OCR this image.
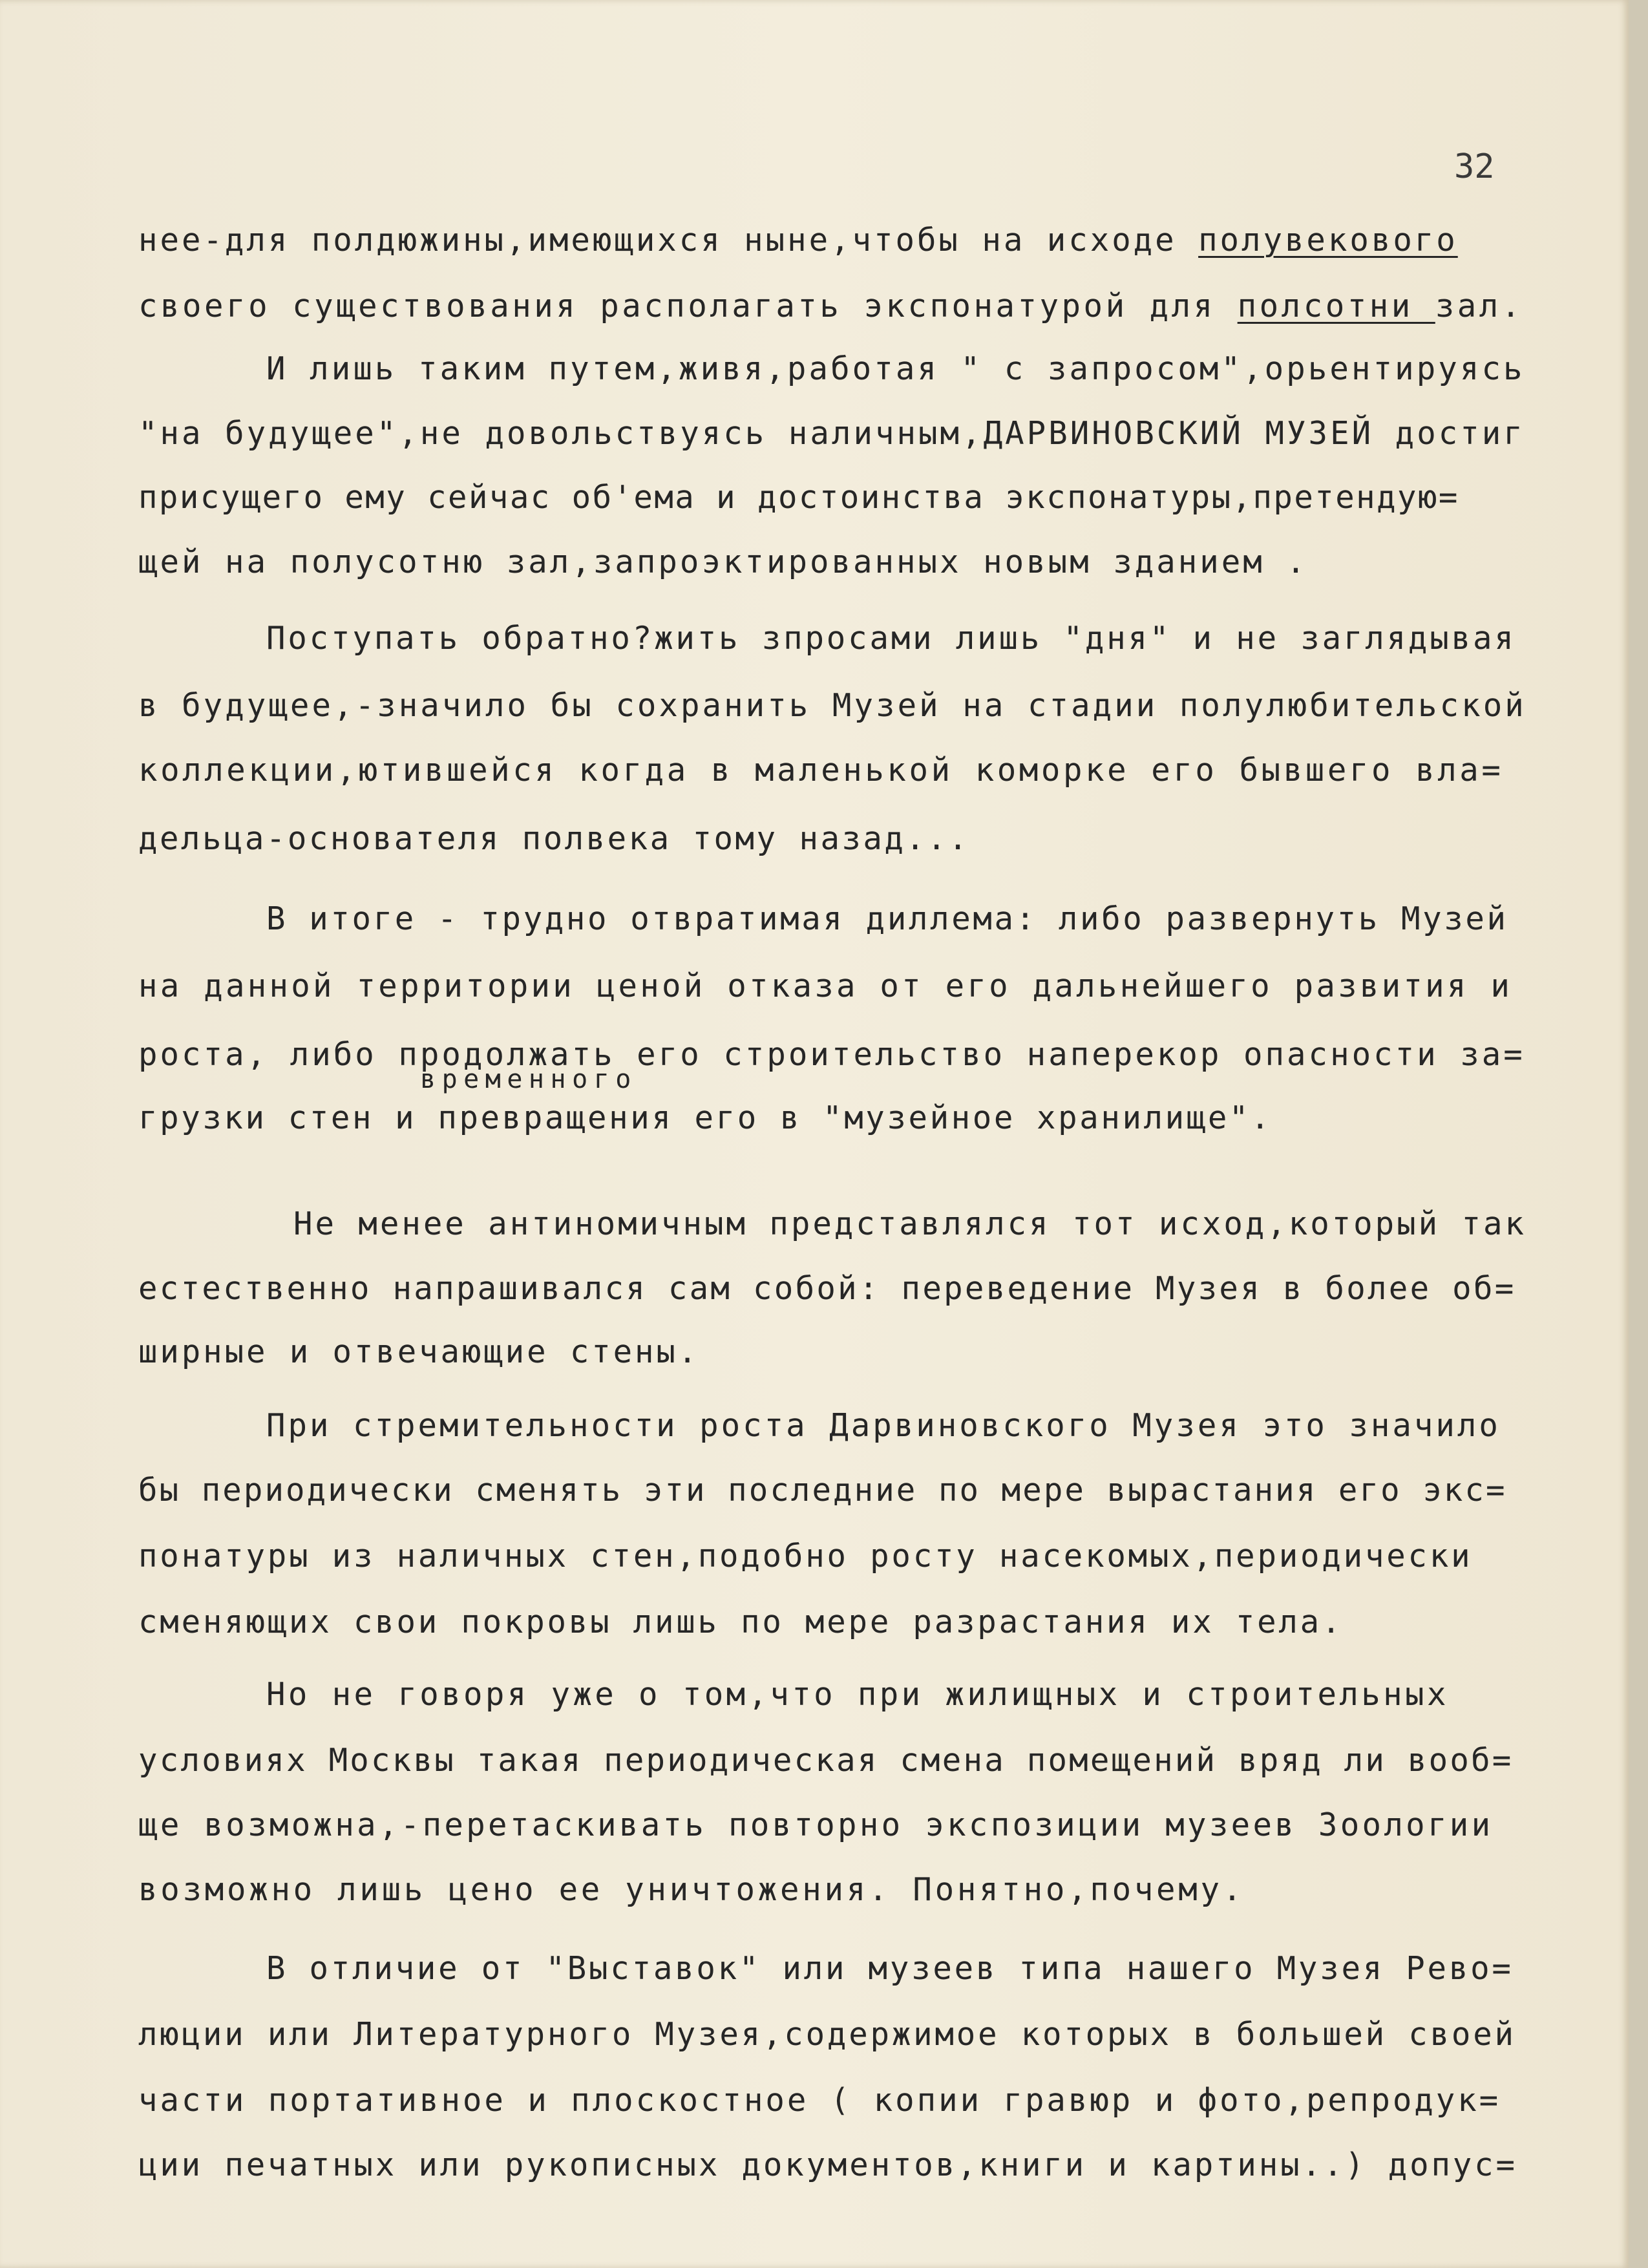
32
нее-для полдюжины,имеющихся ныне,чтобы на исходе полувекового
своего существования располагать экспонатурой для полсотни зал.
И лишь таким путем,живя,работая " с запросом",орьентируясь
"на будущее",не довольствуясь наличным,ДАРВИНОВСКИЙ МУЗЕЙ достиг
присущего ему сейчас об'ема и достоинства экспонатуры,претендую=
щей на полусотню зал,запроэктированных новым зданием .
Поступать обратно?жить зпросами лишь "дня" и не заглядывая
в будущее,-значило бы сохранить Музей на стадии полулюбительской
коллекции,ютившейся когда в маленькой коморке его бывшего вла=
дельца-основателя полвека тому назад...
В итоге - трудно отвратимая диллема: либо развернуть Музей
на данной территории ценой отказа от его дальнейшего развития и
роста, либо продолжать его строительство наперекор опасности за=
временного
грузки стен и превращения его в "музейное хранилище".
Не менее антиномичным представлялся тот исход,который так
естественно напрашивался сам собой: переведение Музея в более об=
ширные и отвечающие стены.
При стремительности роста Дарвиновского Музея это значило
бы периодически сменять эти последние по мере вырастания его экс=
понатуры из наличных стен,подобно росту насекомых,периодически
сменяющих свои покровы лишь по мере разрастания их тела.
Но не говоря уже о том,что при жилищных и строительных
условиях Москвы такая периодическая смена помещений вряд ли вооб=
ще возможна,-перетаскивать повторно экспозиции музеев Зоологии
возможно лишь цено ее уничтожения. Понятно,почему.
В отличие от "Выставок" или музеев типа нашего Музея Рево=
люции или Литературного Музея,содержимое которых в большей своей
части портативное и плоскостное ( копии гравюр и фото,репродук=
ции печатных или рукописных документов,книги и картины..) допус=
